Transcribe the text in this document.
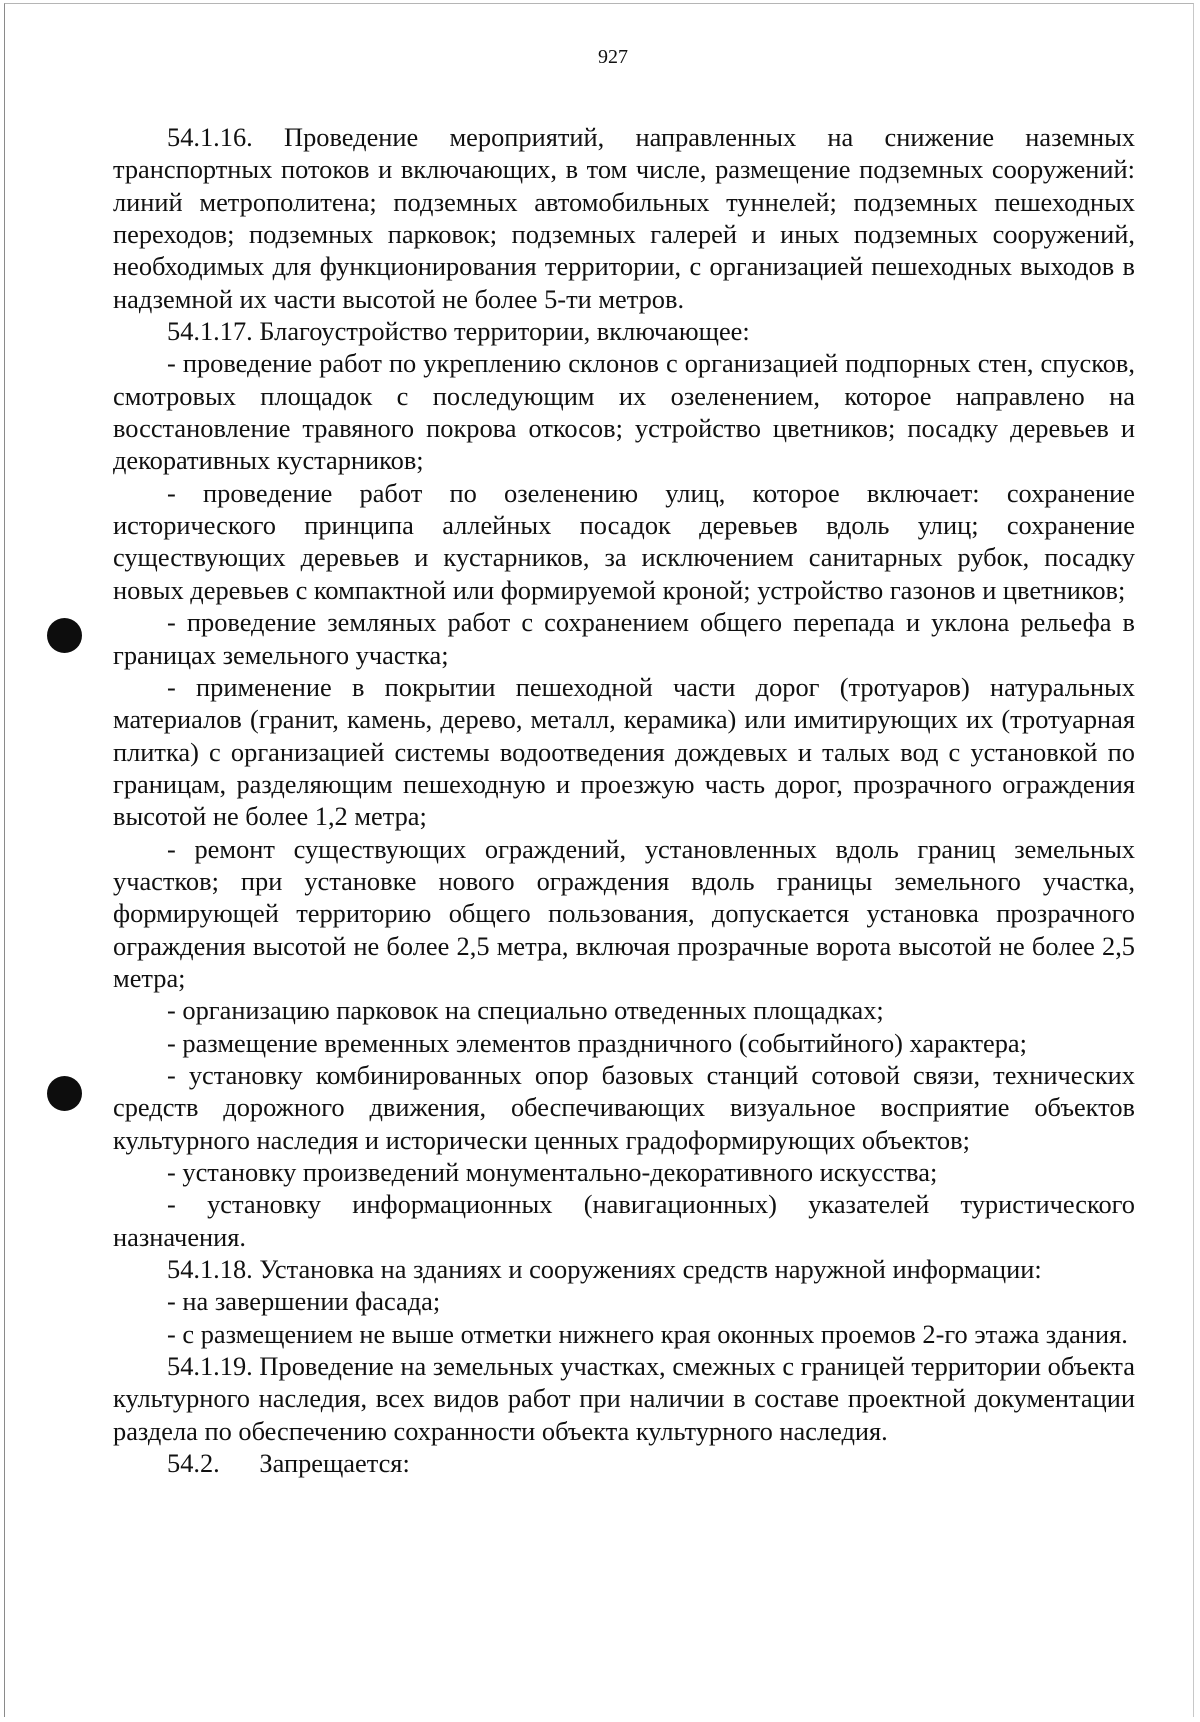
927

54.1.16. Проведение мероприятий, направленных на снижение наземных транспортных потоков и включающих, в том числе, размещение подземных сооружений: линий метрополитена; подземных автомобильных туннелей; подземных пешеходных переходов; подземных парковок; подземных галерей и иных подземных сооружений, необходимых для функционирования территории, с организацией пешеходных выходов в надземной их части высотой не более 5-ти метров.

54.1.17. Благоустройство территории, включающее:

- проведение работ по укреплению склонов с организацией подпорных стен, спусков, смотровых площадок с последующим их озеленением, которое направлено на восстановление травяного покрова откосов; устройство цветников; посадку деревьев и декоративных кустарников;

- проведение работ по озеленению улиц, которое включает: сохранение исторического принципа аллейных посадок деревьев вдоль улиц; сохранение существующих деревьев и кустарников, за исключением санитарных рубок, посадку новых деревьев с компактной или формируемой кроной; устройство газонов и цветников;

- проведение земляных работ с сохранением общего перепада и уклона рельефа в границах земельного участка;

- применение в покрытии пешеходной части дорог (тротуаров) натуральных материалов (гранит, камень, дерево, металл, керамика) или имитирующих их (тротуарная плитка) с организацией системы водоотведения дождевых и талых вод с установкой по границам, разделяющим пешеходную и проезжую часть дорог, прозрачного ограждения высотой не более 1,2 метра;

- ремонт существующих ограждений, установленных вдоль границ земельных участков; при установке нового ограждения вдоль границы земельного участка, формирующей территорию общего пользования, допускается установка прозрачного ограждения высотой не более 2,5 метра, включая прозрачные ворота высотой не более 2,5 метра;

- организацию парковок на специально отведенных площадках;

- размещение временных элементов праздничного (событийного) характера;

- установку комбинированных опор базовых станций сотовой связи, технических средств дорожного движения, обеспечивающих визуальное восприятие объектов культурного наследия и исторически ценных градоформирующих объектов;

- установку произведений монументально-декоративного искусства;

- установку информационных (навигационных) указателей туристического назначения.

54.1.18. Установка на зданиях и сооружениях средств наружной информации:

- на завершении фасада;

- с размещением не выше отметки нижнего края оконных проемов 2-го этажа здания.

54.1.19. Проведение на земельных участках, смежных с границей территории объекта культурного наследия, всех видов работ при наличии в составе проектной документации раздела по обеспечению сохранности объекта культурного наследия.

54.2.      Запрещается:
